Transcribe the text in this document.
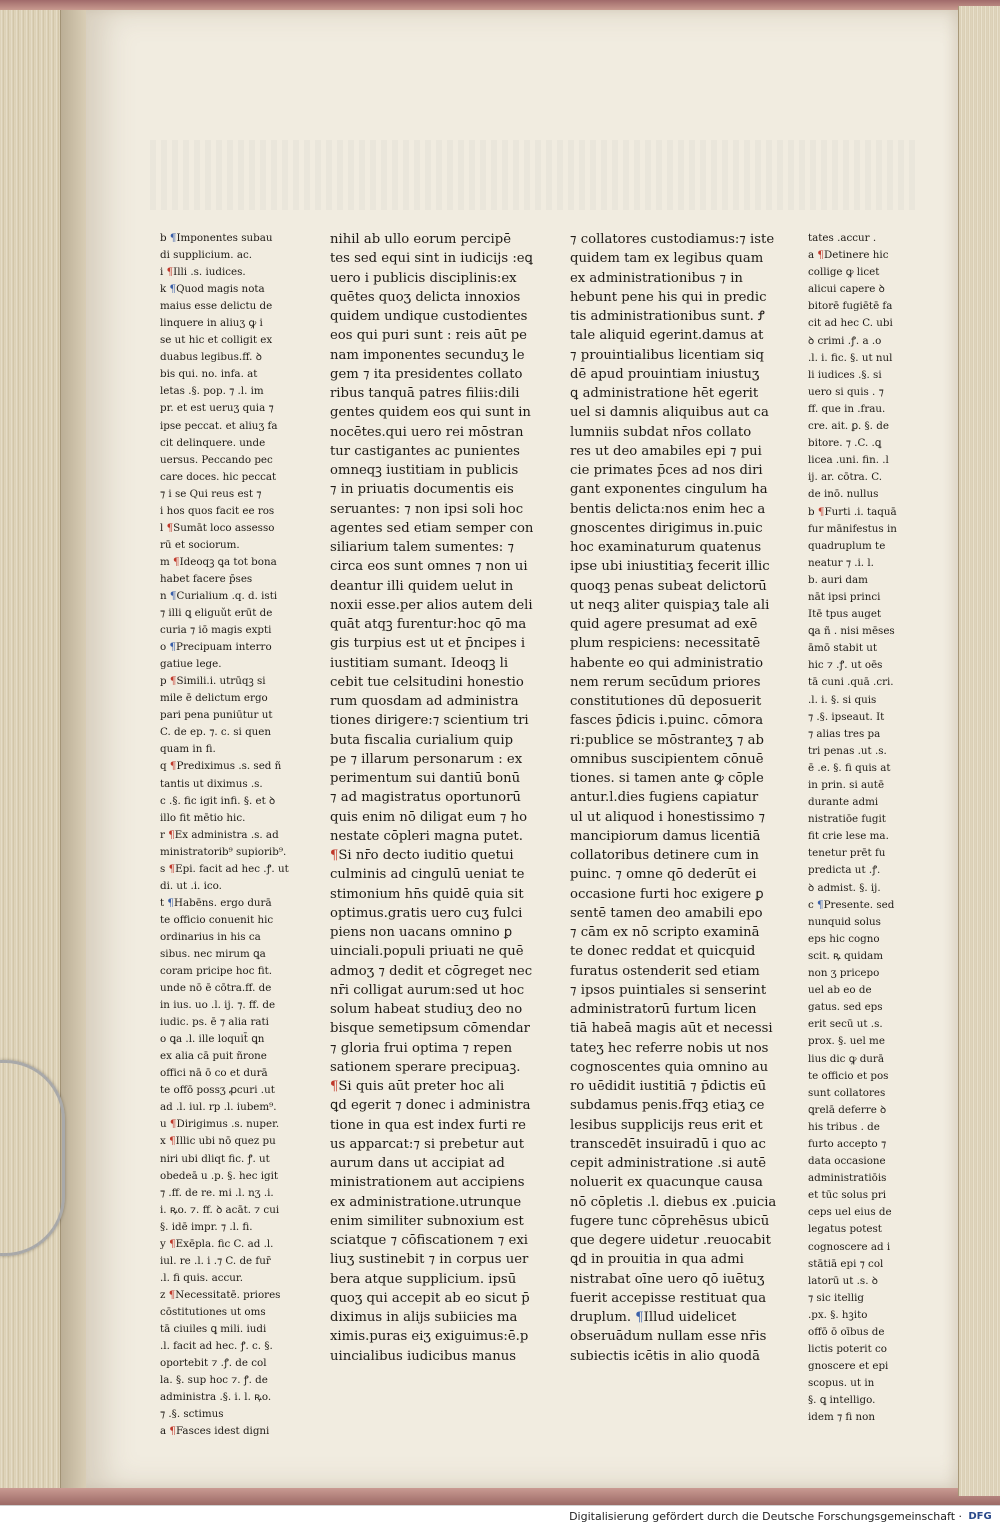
b ¶Imponentes subau
di supplicium. ac.
i ¶Illi .s. iudices.
k ¶Quod magis nota
maius esse delictu de
linquere in aliuʒ ꝙ i
se ut hic et colligit ex
duabus legibus.ff. ꝺ
bis qui. no. infa. at
letas .§. pop. ⁊ .l. im
pr. et est ueruʒ quia ⁊
ipse peccat. et aliuʒ fa
cit delinquere. unde
uersus. Peccando pec
care doces. hic peccat
⁊ i se Qui reus est ⁊
i hos quos facit ee ros
l ¶Sumāt loco assesso
rū et sociorum.
m ¶Ideoqꝫ ꝗa tot bona
habet facere p̄ses
n ¶Curialium .q. d. isti
⁊ illi ꝗ eliguǔt erūt de
curia ⁊ iō magis expti
o ¶Precipuam interro
gatiue lege.
p ¶Simili.i. utrūqꝫ si
mile ē delictum ergo
pari pena puniūtur ut
C. de ep. ⁊. c. si quen
quam in fi.
q ¶Prediximus .s. sed ñ
tantis ut diximus .s.
c .§. fic igit infi. §. et ꝺ
illo fit mētio hic.
r ¶Ex administra .s. ad
ministratorib⁹ supiorib⁹.
s ¶Epi. facit ad hec .ꝭ. ut
di. ut .i. ico.
t ¶Habēns. ergo durā
te officio conuenit hic
ordinarius in his ca
sibus. nec mirum ꝗa
coram pricipe hoc fit.
unde nō ē cōtra.ff. de
in ius. uo .l. ij. ⁊. ff. de
iudic. ps. ē ⁊ alia rati
o ꝗa .l. ille loquit̄ ꝗn
ex alia cā puit ñrone
offici nā ō co et durā
te offō possʒ ꝓcuri .ut
ad .l. iul. rp .l. iubem⁹.
u ¶Dirigimus .s. nuper.
x ¶Illic ubi nō quez pu
niri ubi dliqt fic. ꝭ. ut
obedeā u .p. §. hec igit
⁊ .ff. de re. mi .l. nʒ .i.
i. ꝶo. ⁊. ff. ꝺ acāt. ⁊ cui
§. idē impr. ⁊ .l. fi.
y ¶Exēpla. fic C. ad .l.
iul. re .l. i .⁊ C. de fur̄
.l. fi quis. accur.
z ¶Necessitatē. priores
cōstitutiones ut oms
tā ciuiles ꝗ mili. iudi
.l. facit ad hec. ꝭ. c. §.
oportebit ⁊ .ꝭ. de col
la. §. sup hoc ⁊. ꝭ. de
administra .§. i. l. ꝶo.
⁊ .§. sctimus
a ¶Fasces idest digni
nihil ab ullo eorum percipē
tes sed equi sint in iudicijs :eꝗ
uero i publicis disciplinis:ex
quētes quoʒ delicta innoxios
quidem undique custodientes
eos qui puri sunt : reis aūt pe
nam imponentes secunduʒ le
gem ⁊ ita presidentes collato
ribus tanquā patres filiis:dili
gentes quidem eos qui sunt in
nocētes.qui uero rei mōstran
tur castigantes ac punientes
omneqꝫ iustitiam in publicis
⁊ in priuatis documentis eis
seruantes: ⁊ non ipsi soli hoc
agentes sed etiam semper con
siliarium talem sumentes: ⁊
circa eos sunt omnes ⁊ non ui
deantur illi quidem uelut in
noxii esse.per alios autem deli
quāt atqꝫ furentur:hoc qō ma
gis turpius est ut et p̄ncipes i
iustitiam sumant. Ideoqꝫ li
cebit tue celsitudini honestio
rum quosdam ad administra
tiones dirigere:⁊ scientium tri
buta fiscalia curialium quip
pe ⁊ illarum personarum : ex
perimentum sui dantiū bonū
⁊ ad magistratus oportunorū
quis enim nō diligat eum ⁊ ho
nestate cōpleri magna putet.
¶Si nr̄o decto iuditio quetui
culminis ad cingulū ueniat te
stimonium hn̄s quidē quia sit
optimus.gratis uero cuʒ fulci
piens non uacans omnino ꝑ
uinciali.populi priuati ne quē
admoʒ ⁊ dedit et cōgreget nec
nr̄i colligat aurum:sed ut hoc
solum habeat studiuʒ deo no
bisque semetipsum cōmendar
⁊ gloria frui optima ⁊ repen
sationem sperare precipuaꝫ.
¶Si quis aūt preter hoc ali
ꝗd egerit ⁊ donec i administra
tione in qua est index furti re
us apparcat:⁊ si prebetur aut
aurum dans ut accipiat ad
ministrationem aut accipiens
ex administratione.utrunque
enim similiter subnoxium est
sciatque ⁊ cōfiscationem ⁊ exi
liuʒ sustinebit ⁊ in corpus uer
bera atque supplicium. ipsū
quoʒ qui accepit ab eo sicut p̄
diximus in alijs subiicies ma
ximis.puras eiʒ exiguimus:ē.p
uincialibus iudicibus manus
⁊ collatores custodiamus:⁊ iste
quidem tam ex legibus quam
ex administrationibus ⁊ in
hebunt pene his qui in predic
tis administrationibus sunt. Ꝭ
tale aliquid egerint.damus at
⁊ prouintialibus licentiam siq
dē apud prouintiam iniustuʒ
ꝗ administratione hēt egerit
uel si damnis aliquibus aut ca
lumniis subdat nr̄os collato
res ut deo amabiles epi ⁊ pui
cie primates p̄ces ad nos diri
gant exponentes cingulum ha
bentis delicta:nos enim hec a
gnoscentes dirigimus in.puic
hoc examinaturum quatenus
ipse ubi iniustitiaʒ fecerit illic
quoqꝫ penas subeat delictorū
ut neqꝫ aliter quispiaʒ tale ali
quid agere presumat ad exē
plum respiciens: necessitatē
habente eo qui administratio
nem rerum secūdum priores
constitutiones dū deposuerit
fasces p̄dicis i.puinc. cōmora
ri:publice se mōstranteʒ ⁊ ab
omnibus suscipientem cōnuē
tiones. si tamen ante ꝙ cōple
antur.l.dies fugiens capiatur
ul ut aliquod i honestissimo ⁊
mancipiorum damus licentiā
collatoribus detinere cum in
puinc. ⁊ omne qō dederūt ei
occasione furti hoc exigere ꝑ
sentē tamen deo amabili epo
⁊ cām ex nō scripto examinā
te donec reddat et quicquid
furatus ostenderit sed etiam
⁊ ipsos puintiales si senserint
administratorū furtum licen
tiā habeā magis aūt et necessi
tateʒ hec referre nobis ut nos
cognoscentes quia omnino au
ro uēdidit iustitiā ⁊ p̄dictis eū
subdamus penis.fr̄qꝫ etiaʒ ce
lesibus supplicijs reus erit et
transcedēt insuiradū i quo ac
cepit administratione .si autē
noluerit ex quacunque causa
nō cōpletis .l. diebus ex .puicia
fugere tunc cōprehēsus ubicū
que degere uidetur .reuocabit
ꝗd in prouitia in qua admi
nistrabat oīne uero qō iuētuʒ
fuerit accepisse restituat qua
druplum. ¶Illud uidelicet
obseruādum nullam esse nr̄is
subiectis icētis in alio quodā
tates .accur .
a ¶Detinere hic
collige ꝙ licet
alicui capere ꝺ
bitorē fugiētē fa
cit ad hec C. ubi
ꝺ crimi .ꝭ. a .o
.l. i. fic. §. ut nul
li iudices .§. si
uero si quis . ⁊
ff. que in .frau.
cre. ait. ꝑ. §. de
bitore. ⁊ .C. .ꝗ
licea .uni. fin. .l
ij. ar. cōtra. C.
de inō. nullus
b ¶Furti .i. taquā
fur mānifestus in
quadruplum te
neatur ⁊ .i. l.
b. auri dam
nāt ipsi princi
Itē tpus auget
ꝗa ñ . nisi mēses
āmō stabit ut
hic ⁊ .ꝭ. ut oēs
tā cuni .quā .cri.
.l. i. §. si quis
⁊ .§. ipseaut. It
⁊ alias tres pa
tri penas .ut .s.
ē .e. §. fi quis at
in prin. si autē
durante admi
nistratiōe fugit
fit crie lese ma.
tenetur prēt fu
predicta ut .ꝭ.
ꝺ admist. §. ij.
c ¶Presente. sed
nunquid solus
eps hic cogno
scit. ꝶ quidam
non ʒ pricepo
uel ab eo de
gatus. sed eps
erit secū ut .s.
prox. §. uel me
lius dic ꝙ durā
te officio et pos
sunt collatores
ꝗrelā deferre ꝺ
his tribus . de
furto accepto ⁊
data occasione
administratiōis
et tūc solus pri
ceps uel eius de
legatus potest
cognoscere ad i
stātiā epi ⁊ col
latorū ut .s. ꝺ
⁊ sic itellig
.px. §. hꝫito
offō ō oībus de
lictis poterit co
gnoscere et epi
scopus. ut in
§. ꝗ intelligo.
idem ⁊ fi non
Digitalisierung gefördert durch die Deutsche Forschungsgemeinschaft · DFG
